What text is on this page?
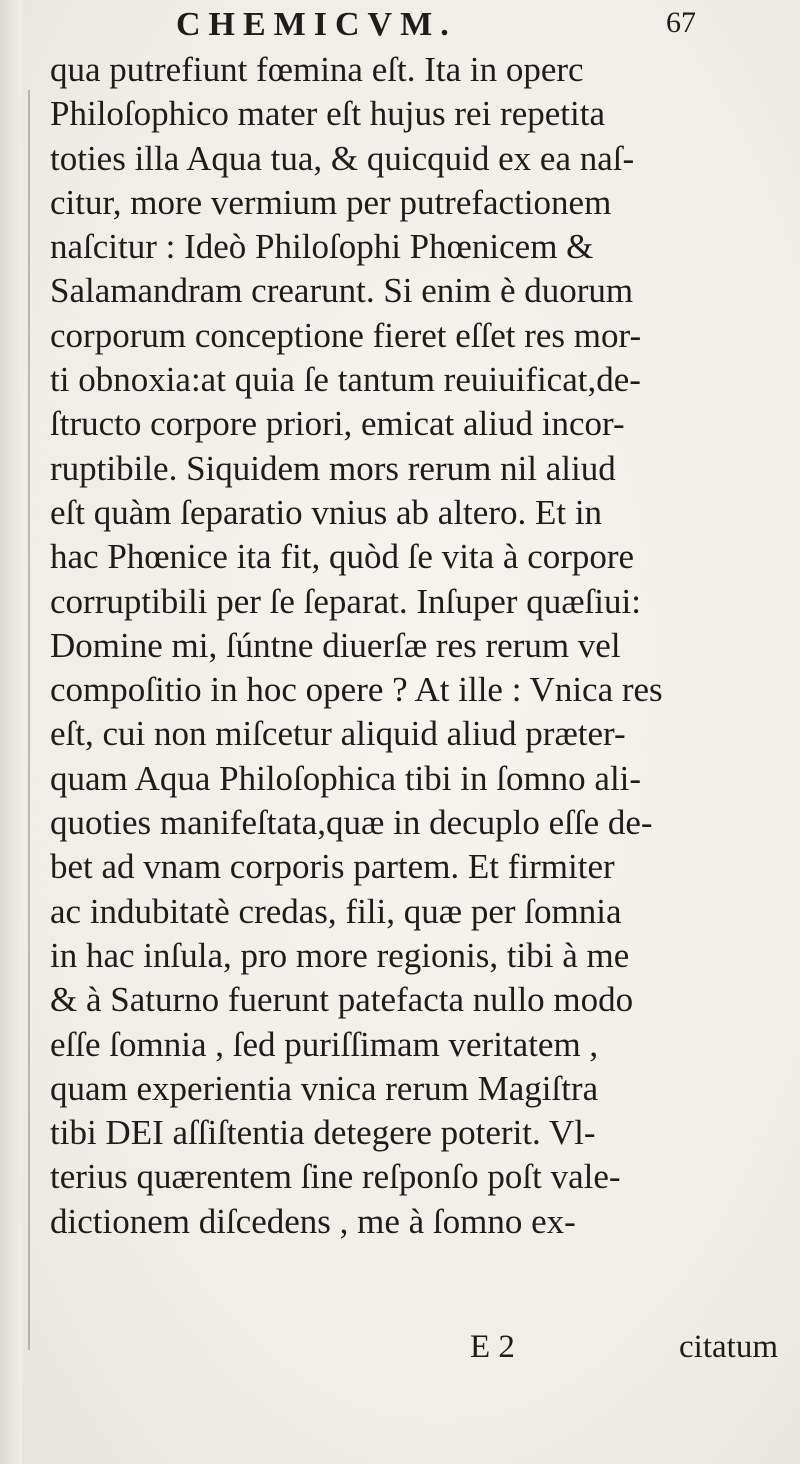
CHEMICVM.	67
qua putrefiunt fœmina eſt. Ita in operc
Philoſophico mater eſt hujus rei repetita
toties illa Aqua tua, & quicquid ex ea naſ-
citur, more vermium per putrefactionem
naſcitur : Ideò Philoſophi Phœnicem &
Salamandram crearunt. Si enim è duorum
corporum conceptione fieret eſſet res mor-
ti obnoxia:at quia ſe tantum reuiuificat,de-
ſtructo corpore priori, emicat aliud incor-
ruptibile. Siquidem mors rerum nil aliud
eſt quàm ſeparatio vnius ab altero. Et in
hac Phœnice ita fit, quòd ſe vita à corpore
corruptibili per ſe ſeparat. Inſuper quæſiui:
Domine mi, ſúntne diuerſæ res rerum vel
compoſitio in hoc opere ? At ille : Vnica res
eſt, cui non miſcetur aliquid aliud præter-
quam Aqua Philoſophica tibi in ſomno ali-
quoties manifeſtata,quæ in decuplo eſſe de-
bet ad vnam corporis partem. Et firmiter
ac indubitatè credas, fili, quæ per ſomnia
in hac inſula, pro more regionis, tibi à me
& à Saturno fuerunt patefacta nullo modo
eſſe ſomnia , ſed puriſſimam veritatem ,
quam experientia vnica rerum Magiſtra
tibi DEI aſſiſtentia detegere poterit. Vl-
terius quærentem ſine reſponſo poſt vale-
dictionem diſcedens , me à ſomno ex-
E 2	citatum
